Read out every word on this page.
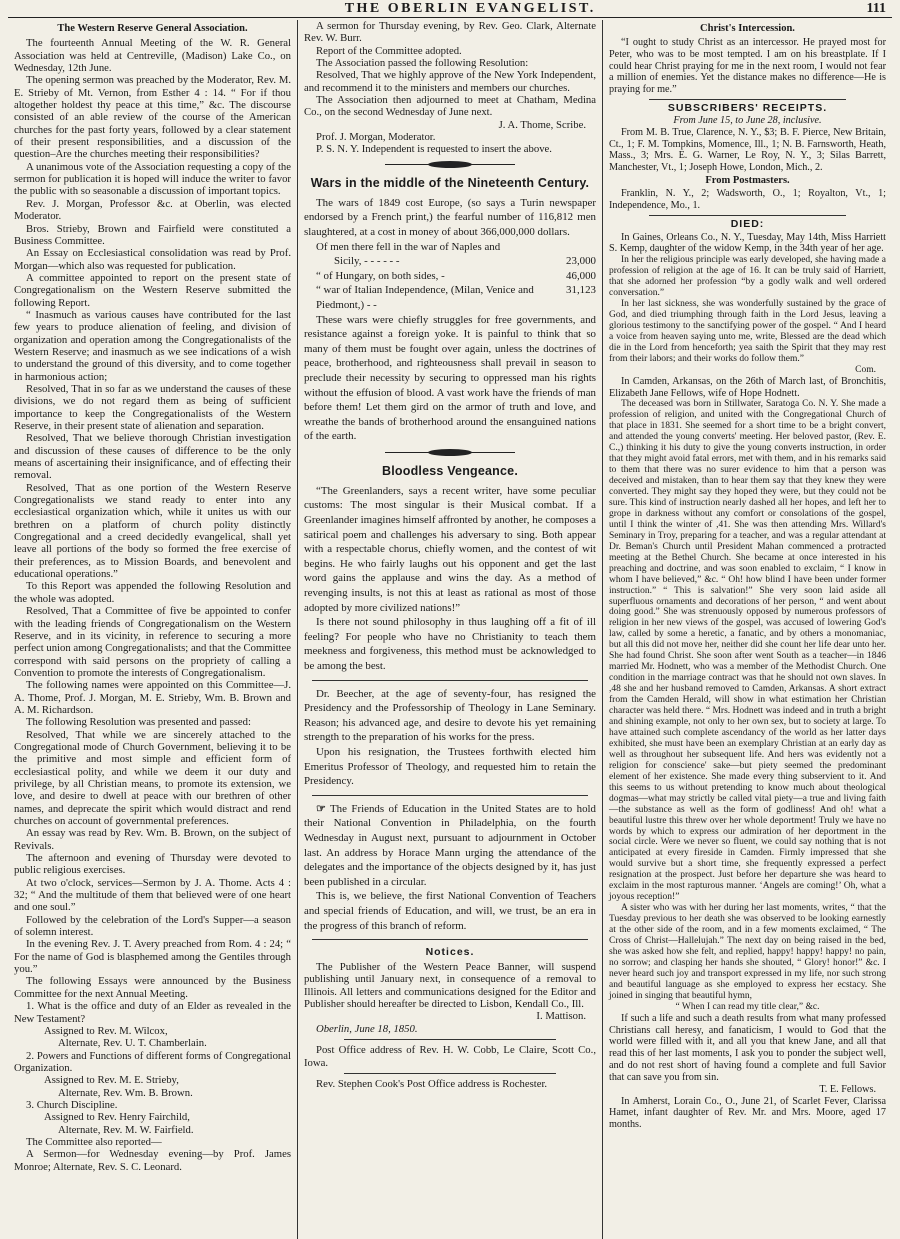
THE OBERLIN EVANGELIST.	111
The Western Reserve General Association.

The fourteenth Annual Meeting of the W. R. General Association was held at Centreville, (Madison) Lake Co., on Wednesday, 12th June.

The opening sermon was preached by the Moderator, Rev. M. E. Strieby of Mt. Vernon, from Esther 4 : 14. “ For if thou altogether holdest thy peace at this time,” &c. The discourse consisted of an able review of the course of the American churches for the past forty years, followed by a clear statement of their present responsibilities, and a discussion of the question–Are the churches meeting their responsibilities?

A unanimous vote of the Association requesting a copy of the sermon for publication it is hoped will induce the writer to favor the public with so seasonable a discussion of important topics.

Rev. J. Morgan, Professor &c. at Oberlin, was elected Moderator.

Bros. Strieby, Brown and Fairfield were constituted a Business Committee.

An Essay on Ecclesiastical consolidation was read by Prof. Morgan—which also was requested for publication.

A committee appointed to report on the present state of Congregationalism on the Western Reserve submitted the following Report.

“ Inasmuch as various causes have contributed for the last few years to produce alienation of feeling, and division of organization and operation among the Congregationalists of the Western Reserve; and inasmuch as we see indications of a wish to understand the ground of this diversity, and to come together in harmonious action;

Resolved, That in so far as we understand the causes of these divisions, we do not regard them as being of sufficient importance to keep the Congregationalists of the Western Reserve, in their present state of alienation and separation.

Resolved, That we believe thorough Christian investigation and discussion of these causes of difference to be the only means of ascertaining their insignificance, and of effecting their removal.

Resolved, That as one portion of the Western Reserve Congregationalists we stand ready to enter into any ecclesiastical organization which, while it unites us with our brethren on a platform of church polity distinctly Congregational and a creed decidedly evangelical, shall yet leave all portions of the body so formed the free exercise of their preferences, as to Mission Boards, and benevolent and educational operations.”

To this Report was appended the following Resolution and the whole was adopted.

Resolved, That a Committee of five be appointed to confer with the leading friends of Congregationalism on the Western Reserve, and in its vicinity, in reference to securing a more perfect union among Congregationalists; and that the Committee correspond with said persons on the propriety of calling a Convention to promote the interests of Congregationalism.

The following names were appointed on this Committee—J. A. Thome, Prof. J. Morgan, M. E. Strieby, Wm. B. Brown and A. M. Richardson.

The following Resolution was presented and passed:

Resolved, That while we are sincerely attached to the Congregational mode of Church Government, believing it to be the primitive and most simple and efficient form of ecclesiastical polity, and while we deem it our duty and privilege, by all Christian means, to promote its extension, we love, and desire to dwell at peace with our brethren of other names, and deprecate the spirit which would distract and rend churches on account of governmental preferences.

An essay was read by Rev. Wm. B. Brown, on the subject of Revivals.

The afternoon and evening of Thursday were devoted to public religious exercises.

At two o'clock, services—Sermon by J. A. Thome. Acts 4 : 32; “ And the multitude of them that believed were of one heart and one soul.”

Followed by the celebration of the Lord's Supper—a season of solemn interest.

In the evening Rev. J. T. Avery preached from Rom. 4 : 24; “ For the name of God is blasphemed among the Gentiles through you.”

The following Essays were announced by the Business Committee for the next Annual Meeting.

1. What is the office and duty of an Elder as revealed in the New Testament?

Assigned to Rev. M. Wilcox,

Alternate, Rev. U. T. Chamberlain.

2. Powers and Functions of different forms of Congregational Organization.

Assigned to Rev. M. E. Strieby,

Alternate, Rev. Wm. B. Brown.

3. Church Discipline.

Assigned to Rev. Henry Fairchild,

Alternate, Rev. M. W. Fairfield.

The Committee also reported—

A Sermon—for Wednesday evening—by Prof. James Monroe; Alternate, Rev. S. C. Leonard.

A sermon for Thursday evening, by Rev. Geo. Clark, Alternate Rev. W. Burr.

Report of the Committee adopted.

The Association passed the following Resolution:

Resolved, That we highly approve of the New York Independent, and recommend it to the ministers and members our churches.

The Association then adjourned to meet at Chatham, Medina Co., on the second Wednesday of June next.

J. A. Thome, Scribe.

Prof. J. Morgan, Moderator.

P. S. N. Y. Independent is requested to insert the above.

Wars in the middle of the Nineteenth Century.

The wars of 1849 cost Europe, (so says a Turin newspaper endorsed by a French print,) the fearful number of 116,812 men slaughtered, at a cost in money of about 366,000,000 dollars.

Of men there fell in the war of Naples and

Sicily, - - - - - -	23,000
“ of Hungary, on both sides, -	46,000
“ war of Italian Independence, (Milan, Venice and Piedmont,) - -
31,123

These wars were chiefly struggles for free governments, and resistance against a foreign yoke. It is painful to think that so many of them must be fought over again, unless the doctrines of peace, brotherhood, and righteousness shall prevail in season to preclude their necessity by securing to oppressed man his rights without the effusion of blood. A vast work have the friends of man before them! Let them gird on the armor of truth and love, and wreathe the bands of brotherhood around the ensanguined nations of the earth.

Bloodless Vengeance.

“The Greenlanders, says a recent writer, have some peculiar customs: The most singular is their Musical combat. If a Greenlander imagines himself affronted by another, he composes a satirical poem and challenges his adversary to sing. Both appear with a respectable chorus, chiefly women, and the contest of wit begins. He who fairly laughs out his opponent and get the last word gains the applause and wins the day. As a method of revenging insults, is not this at least as rational as most of those adopted by more civilized nations!”

Is there not sound philosophy in thus laughing off a fit of ill feeling? For people who have no Christianity to teach them meekness and forgiveness, this method must be acknowledged to be among the best.

Dr. Beecher, at the age of seventy-four, has resigned the Presidency and the Professorship of Theology in Lane Seminary. Reason; his advanced age, and desire to devote his yet remaining strength to the preparation of his works for the press.

Upon his resignation, the Trustees forthwith elected him Emeritus Professor of Theology, and requested him to retain the Presidency.

☞ The Friends of Education in the United States are to hold their National Convention in Philadelphia, on the fourth Wednesday in August next, pursuant to adjournment in October last. An address by Horace Mann urging the attendance of the delegates and the importance of the objects designed by it, has just been published in a circular.

This is, we believe, the first National Convention of Teachers and special friends of Education, and will, we trust, be an era in the progress of this branch of reform.

Notices.

The Publisher of the Western Peace Banner, will suspend publishing until January next, in consequence of a removal to Illinois. All letters and communications designed for the Editor and Publisher should hereafter be directed to Lisbon, Kendall Co., Ill.

I. Mattison.

Oberlin, June 18, 1850.

Post Office address of Rev. H. W. Cobb, Le Claire, Scott Co., Iowa.

Rev. Stephen Cook's Post Office address is Rochester.

Christ's Intercession.

“I ought to study Christ as an intercessor. He prayed most for Peter, who was to be most tempted. I am on his breastplate. If I could hear Christ praying for me in the next room, I would not fear a million of enemies. Yet the distance makes no difference—He is praying for me.”

SUBSCRIBERS' RECEIPTS.

From June 15, to June 28, inclusive.

From M. B. True, Clarence, N. Y., $3; B. F. Pierce, New Britain, Ct., 1; F. M. Tompkins, Momence, Ill., 1; N. B. Farnsworth, Heath, Mass., 3; Mrs. E. G. Warner, Le Roy, N. Y., 3; Silas Barrett, Manchester, Vt., 1; Joseph Howe, London, Mich., 2.

From Postmasters.

Franklin, N. Y., 2; Wadsworth, O., 1; Royalton, Vt., 1; Independence, Mo., 1.

DIED:

In Gaines, Orleans Co., N. Y., Tuesday, May 14th, Miss Harriett S. Kemp, daughter of the widow Kemp, in the 34th year of her age.

In her the religious principle was early developed, she having made a profession of religion at the age of 16. It can be truly said of Harriett, that she adorned her profession “by a godly walk and well ordered conversation.”

In her last sickness, she was wonderfully sustained by the grace of God, and died triumphing through faith in the Lord Jesus, leaving a glorious testimony to the sanctifying power of the gospel. “ And I heard a voice from heaven saying unto me, write, Blessed are the dead which die in the Lord from henceforth; yea saith the Spirit that they may rest from their labors; and their works do follow them.”

Com.

In Camden, Arkansas, on the 26th of March last, of Bronchitis, Elizabeth Jane Fellows, wife of Hope Hodnett.

The deceased was born in Stillwater, Saratoga Co. N. Y. She made a profession of religion, and united with the Congregational Church of that place in 1831. She seemed for a short time to be a bright convert, and attended the young converts' meeting. Her beloved pastor, (Rev. E. C.,) thinking it his duty to give the young converts instruction, in order that they might avoid fatal errors, met with them, and in his remarks said to them that there was no surer evidence to him that a person was deceived and mistaken, than to hear them say that they knew they were converted. They might say they hoped they were, but they could not be sure. This kind of instruction nearly dashed all her hopes, and left her to grope in darkness without any comfort or consolations of the gospel, until I think the winter of ,41. She was then attending Mrs. Willard's Seminary in Troy, preparing for a teacher, and was a regular attendant at Dr. Beman's Church until President Mahan commenced a protracted meeting at the Bethel Church. She became at once interested in his preaching and doctrine, and was soon enabled to exclaim, “ I know in whom I have believed,” &c. “ Oh! how blind I have been under former instruction.” “ This is salvation!” She very soon laid aside all superfluous ornaments and decorations of her person, “ and went about doing good.” She was strenuously opposed by numerous professors of religion in her new views of the gospel, was accused of lowering God's law, called by some a heretic, a fanatic, and by others a monomaniac, but all this did not move her, neither did she count her life dear unto her. She had found Christ. She soon after went South as a teacher—in 1846 married Mr. Hodnett, who was a member of the Methodist Church. One condition in the marriage contract was that he should not own slaves. In ,48 she and her husband removed to Camden, Arkansas. A short extract from the Camden Herald, will show in what estimation her Christian character was held there. “ Mrs. Hodnett was indeed and in truth a bright and shining example, not only to her own sex, but to society at large. To have attained such complete ascendancy of the world as her latter days exhibited, she must have been an exemplary Christian at an early day as well as throughout her subsequent life. And hers was evidently not a religion for conscience' sake—but piety seemed the predominant element of her existence. She made every thing subservient to it. And this seems to us without pretending to know much about theological dogmas—what may strictly be called vital piety—a true and living faith—the substance as well as the form of godliness! And oh! what a beautiful lustre this threw over her whole deportment! Truly we have no words by which to express our admiration of her deportment in the social circle. Were we never so fluent, we could say nothing that is not anticipated at every fireside in Camden. Firmly impressed that she would survive but a short time, she frequently expressed a perfect resignation at the prospect. Just before her departure she was heard to exclaim in the most rapturous manner. ‘Angels are coming!’ Oh, what a joyous reception!”

A sister who was with her during her last moments, writes, “ that the Tuesday previous to her death she was observed to be looking earnestly at the other side of the room, and in a few moments exclaimed, “ The Cross of Christ—Hallelujah.” The next day on being raised in the bed, she was asked how she felt, and replied, happy! happy! happy! no pain, no sorrow; and clasping her hands she shouted, “ Glory! honor!” &c. I never heard such joy and transport expressed in my life, nor such strong and beautiful language as she employed to express her ecstacy. She joined in singing that beautiful hymn,

“ When I can read my title clear,” &c.

If such a life and such a death results from what many professed Christians call heresy, and fanaticism, I would to God that the world were filled with it, and all you that knew Jane, and all that read this of her last moments, I ask you to ponder the subject well, and do not rest short of having found a complete and full Savior that can save you from sin.

T. E. Fellows.

In Amherst, Lorain Co., O., June 21, of Scarlet Fever, Clarissa Hamet, infant daughter of Rev. Mr. and Mrs. Moore, aged 17 months.
